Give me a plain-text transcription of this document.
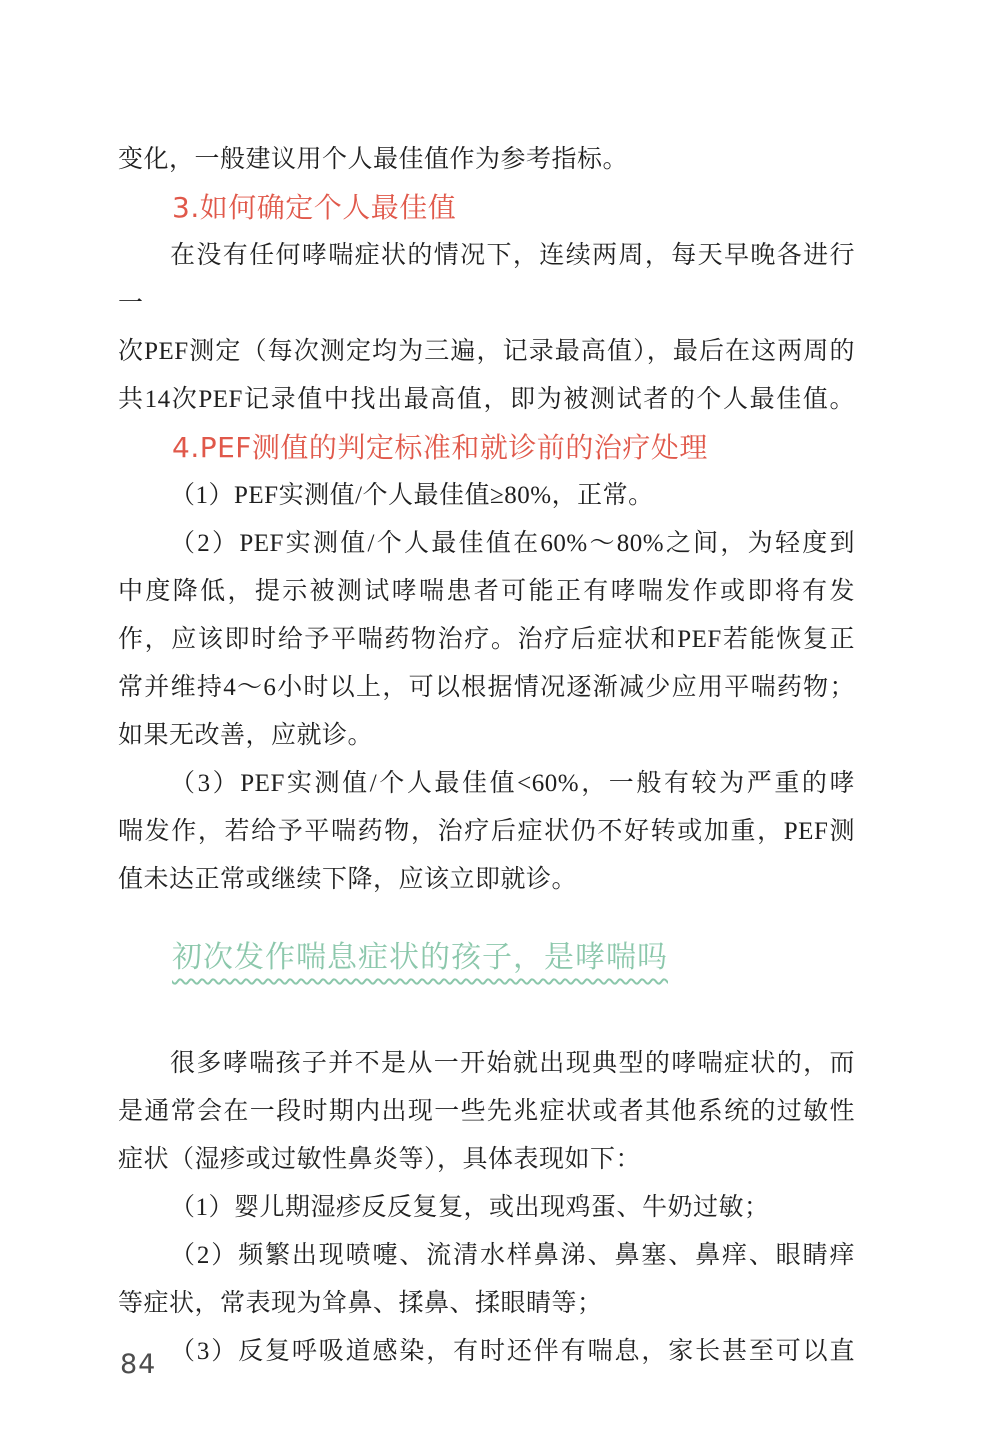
变化，一般建议用个人最佳值作为参考指标。

3.如何确定个人最佳值

在没有任何哮喘症状的情况下，连续两周，每天早晚各进行一

次PEF测定（每次测定均为三遍，记录最高值），最后在这两周的

共14次PEF记录值中找出最高值，即为被测试者的个人最佳值。

4.PEF测值的判定标准和就诊前的治疗处理

（1）PEF实测值/个人最佳值≥80%，正常。

（2）PEF实测值/个人最佳值在60%～80%之间，为轻度到

中度降低，提示被测试哮喘患者可能正有哮喘发作或即将有发

作，应该即时给予平喘药物治疗。治疗后症状和PEF若能恢复正

常并维持4～6小时以上，可以根据情况逐渐减少应用平喘药物；

如果无改善，应就诊。

（3）PEF实测值/个人最佳值<60%，一般有较为严重的哮

喘发作，若给予平喘药物，治疗后症状仍不好转或加重，PEF测

值未达正常或继续下降，应该立即就诊。

初次发作喘息症状的孩子，是哮喘吗

很多哮喘孩子并不是从一开始就出现典型的哮喘症状的，而

是通常会在一段时期内出现一些先兆症状或者其他系统的过敏性

症状（湿疹或过敏性鼻炎等），具体表现如下：

（1）婴儿期湿疹反反复复，或出现鸡蛋、牛奶过敏；

（2）频繁出现喷嚏、流清水样鼻涕、鼻塞、鼻痒、眼睛痒

等症状，常表现为耸鼻、揉鼻、揉眼睛等；

（3）反复呼吸道感染，有时还伴有喘息，家长甚至可以直

84
